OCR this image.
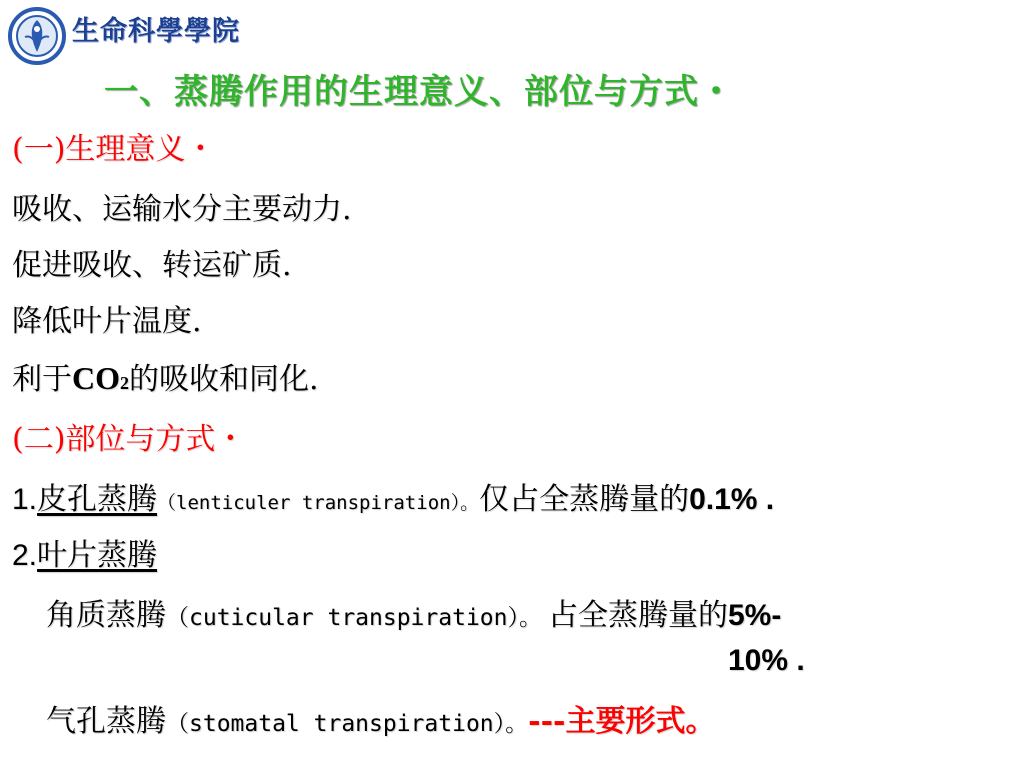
生命科學學院
一、蒸腾作用的生理意义、部位与方式・
(一)生理意义・
吸收、运输水分主要动力.
促进吸收、转运矿质.
降低叶片温度.
利于CO2的吸收和同化.
(二)部位与方式・
1.皮孔蒸腾（lenticuler transpiration）。仅占全蒸腾量的0.1% .
2.叶片蒸腾
角质蒸腾（cuticular transpiration）。 占全蒸腾量的5%-
10% .
气孔蒸腾（stomatal transpiration）。---主要形式。
